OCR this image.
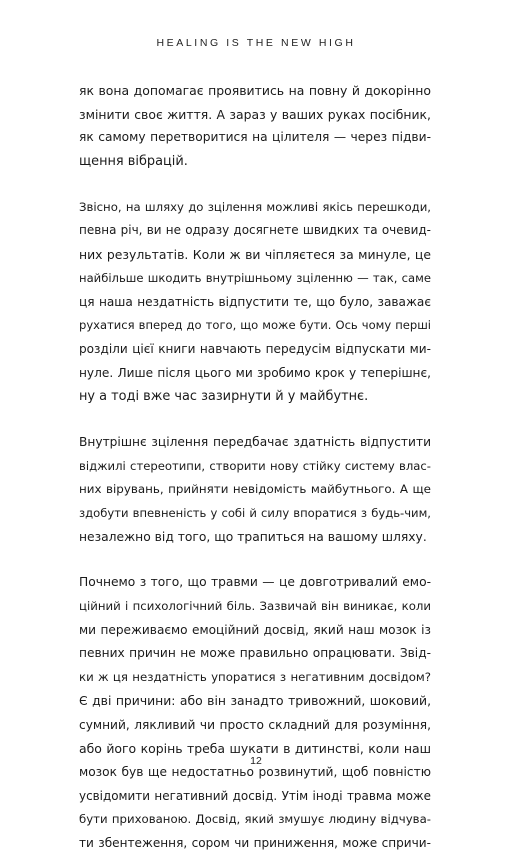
HEALING IS THE NEW HIGH
як вона допомагає проявитись на повну й докорінно
змінити своє життя. А зараз у ваших руках посібник,
як самому перетворитися на цілителя — через підви-
щення вібрацій.
Звісно, на шляху до зцілення можливі якісь перешкоди,
певна річ, ви не одразу досягнете швидких та очевид-
них результатів. Коли ж ви чіпляєтеся за минуле, це
найбільше шкодить внутрішньому зціленню — так, саме
ця наша нездатність відпустити те, що було, заважає
рухатися вперед до того, що може бути. Ось чому перші
розділи цієї книги навчають передусім відпускати ми-
нуле. Лише після цього ми зробимо крок у теперішнє,
ну а тоді вже час зазирнути й у майбутнє.
Внутрішнє зцілення передбачає здатність відпустити
віджилі стереотипи, створити нову стійку систему влас-
них вірувань, прийняти невідомість майбутнього. А ще
здобути впевненість у собі й силу впоратися з будь-чим,
незалежно від того, що трапиться на вашому шляху.
Почнемо з того, що травми — це довготривалий емо-
ційний і психологічний біль. Зазвичай він виникає, коли
ми переживаємо емоційний досвід, який наш мозок із
певних причин не може правильно опрацювати. Звід-
ки ж ця нездатність упоратися з негативним досвідом?
Є дві причини: або він занадто тривожний, шоковий,
сумний, лякливий чи просто складний для розуміння,
або його корінь треба шукати в дитинстві, коли наш
мозок був ще недостатньо розвинутий, щоб повністю
усвідомити негативний досвід. Утім іноді травма може
бути прихованою. Досвід, який змушує людину відчува-
ти збентеження, сором чи приниження, може спричи-
12
